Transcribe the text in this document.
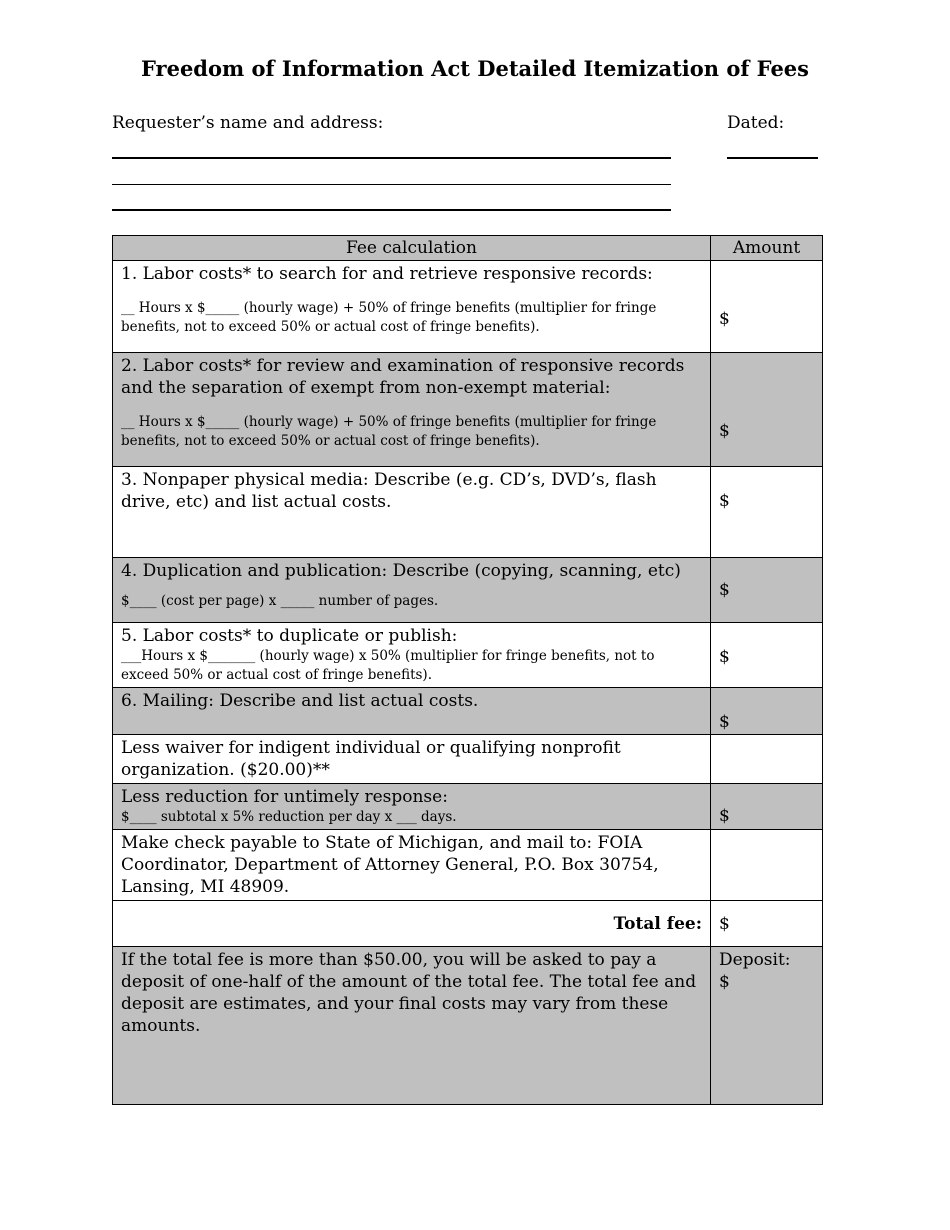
Freedom of Information Act Detailed Itemization of Fees
Requester’s name and address:	Dated:
Fee calculation	Amount

1. Labor costs* to search for and retrieve responsive records:
__ Hours x $_____ (hourly wage) + 50% of fringe benefits (multiplier for fringe benefits, not to exceed 50% or actual cost of fringe benefits).	$

2. Labor costs* for review and examination of responsive records and the separation of exempt from non-exempt material:
__ Hours x $_____ (hourly wage) + 50% of fringe benefits (multiplier for fringe benefits, not to exceed 50% or actual cost of fringe benefits).	$

3. Nonpaper physical media: Describe (e.g. CD’s, DVD’s, flash drive, etc) and list actual costs.	$

4. Duplication and publication: Describe (copying, scanning, etc)
$____ (cost per page) x _____ number of pages.	$

5. Labor costs* to duplicate or publish:
___Hours x $_______ (hourly wage) x 50% (multiplier for fringe benefits, not to exceed 50% or actual cost of fringe benefits).	$

6. Mailing: Describe and list actual costs.	$

Less waiver for indigent individual or qualifying nonprofit organization. ($20.00)**	

Less reduction for untimely response:
$____ subtotal x 5% reduction per day x ___ days.	$

Make check payable to State of Michigan, and mail to: FOIA Coordinator, Department of Attorney General, P.O. Box 30754, Lansing, MI 48909.	

Total fee:	$

If the total fee is more than $50.00, you will be asked to pay a deposit of one-half of the amount of the total fee. The total fee and deposit are estimates, and your final costs may vary from these amounts.	Deposit:
$
